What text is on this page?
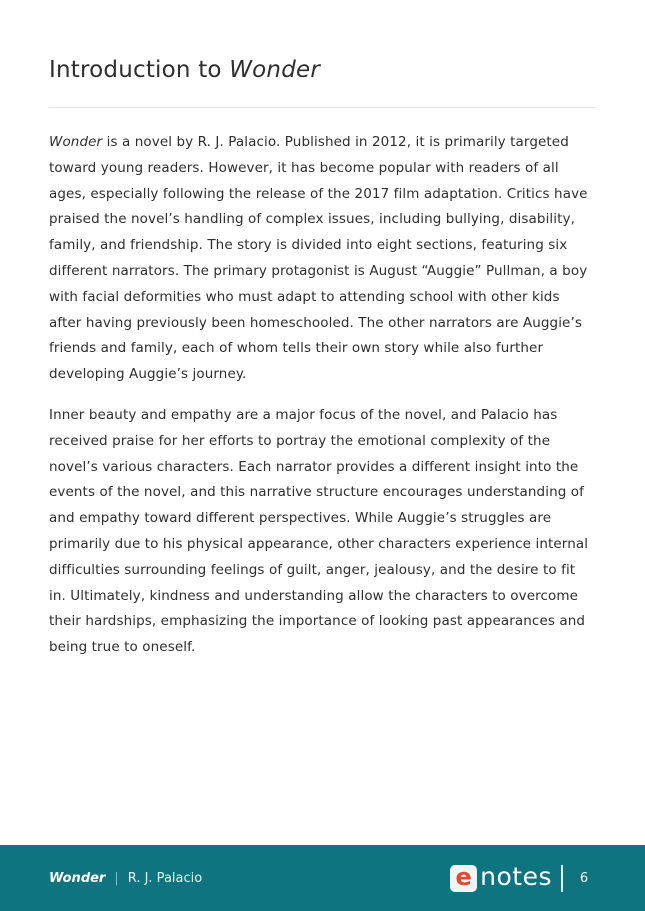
Introduction to Wonder

Wonder is a novel by R. J. Palacio. Published in 2012, it is primarily targeted toward young readers. However, it has become popular with readers of all ages, especially following the release of the 2017 film adaptation. Critics have praised the novel’s handling of complex issues, including bullying, disability, family, and friendship. The story is divided into eight sections, featuring six different narrators. The primary protagonist is August “Auggie” Pullman, a boy with facial deformities who must adapt to attending school with other kids after having previously been homeschooled. The other narrators are Auggie’s friends and family, each of whom tells their own story while also further developing Auggie’s journey.

Inner beauty and empathy are a major focus of the novel, and Palacio has received praise for her efforts to portray the emotional complexity of the novel’s various characters. Each narrator provides a different insight into the events of the novel, and this narrative structure encourages understanding of and empathy toward different perspectives. While Auggie’s struggles are primarily due to his physical appearance, other characters experience internal difficulties surrounding feelings of guilt, anger, jealousy, and the desire to fit in. Ultimately, kindness and understanding allow the characters to overcome their hardships, emphasizing the importance of looking past appearances and being true to oneself.

Wonder | R. J. Palacio	e notes	6
